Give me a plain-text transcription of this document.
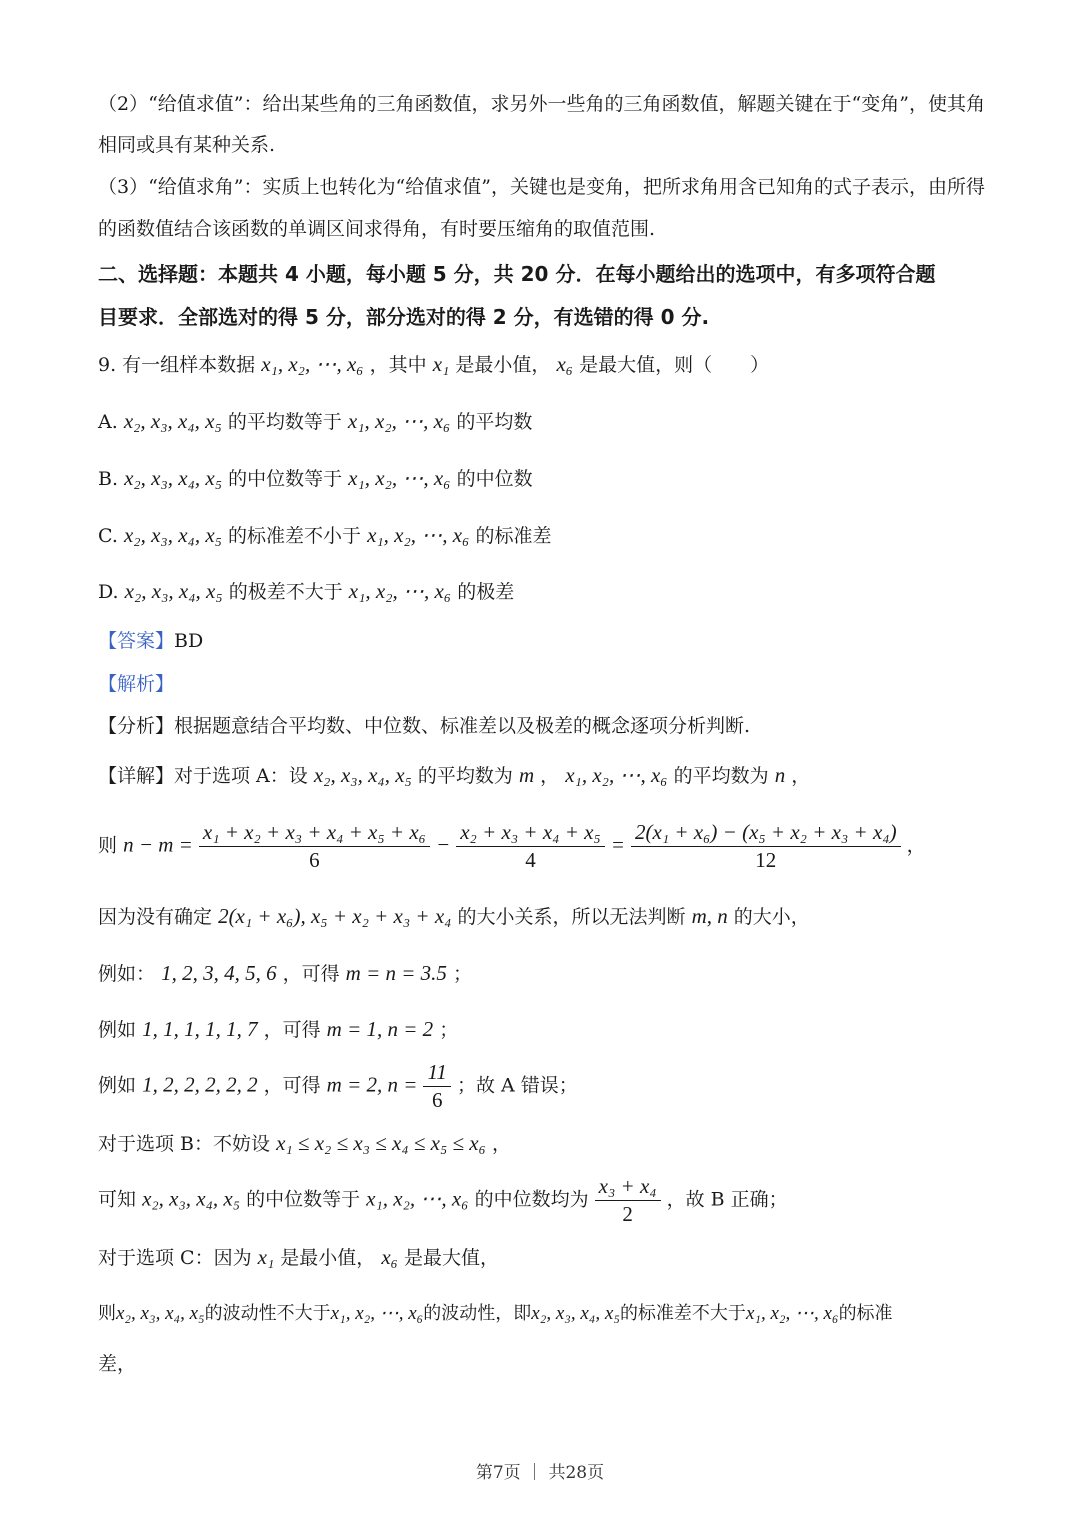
（2）“给值求值”：给出某些角的三角函数值，求另外一些角的三角函数值，解题关键在于“变角”，使其角
相同或具有某种关系.
（3）“给值求角”：实质上也转化为“给值求值”，关键也是变角，把所求角用含已知角的式子表示，由所得
的函数值结合该函数的单调区间求得角，有时要压缩角的取值范围.
二、选择题：本题共 4 小题，每小题 5 分，共 20 分．在每小题给出的选项中，有多项符合题
目要求．全部选对的得 5 分，部分选对的得 2 分，有选错的得 0 分.
9. 有一组样本数据 x₁, x₂, ⋯, x₆ ，其中 x₁ 是最小值， x₆ 是最大值，则（　　）
A. x₂, x₃, x₄, x₅ 的平均数等于 x₁, x₂, ⋯, x₆ 的平均数
B. x₂, x₃, x₄, x₅ 的中位数等于 x₁, x₂, ⋯, x₆ 的中位数
C. x₂, x₃, x₄, x₅ 的标准差不小于 x₁, x₂, ⋯, x₆ 的标准差
D. x₂, x₃, x₄, x₅ 的极差不大于 x₁, x₂, ⋯, x₆ 的极差
【答案】BD
【解析】
【分析】根据题意结合平均数、中位数、标准差以及极差的概念逐项分析判断.
【详解】对于选项 A：设 x₂, x₃, x₄, x₅ 的平均数为 m ， x₁, x₂, ⋯, x₆ 的平均数为 n ，
则 $n - m = \frac{\text{x₁ + x₂ + x₃ + x₄ + x₅ + x₆}}{6} - \frac{\text{x₂ + x₃ + x₄ + x₅}}{4} = \frac{\text{2(x₁ + x₆) − (x₅ + x₂ + x₃ + x₄)}}{12}$ ，
因为没有确定 2(x₁ + x₆), x₅ + x₂ + x₃ + x₄ 的大小关系，所以无法判断 m, n 的大小，
例如： 1, 2, 3, 4, 5, 6 ，可得 m = n = 3.5 ；
例如 1, 1, 1, 1, 1, 7 ，可得 m = 1, n = 2 ；
例如 1, 2, 2, 2, 2, 2 ，可得 m = 2, $n = \frac{11}{6}$ ；故 A 错误；
对于选项 B：不妨设 x₁ ≤ x₂ ≤ x₃ ≤ x₄ ≤ x₅ ≤ x₆ ，
可知 x₂, x₃, x₄, x₅ 的中位数等于 x₁, x₂, ⋯, x₆ 的中位数均为 $\frac{\text{x₃ + x₄}}{2}$ ，故 B 正确；
对于选项 C：因为 x₁ 是最小值， x₆ 是最大值，
则x₂, x₃, x₄, x₅的波动性不大于x₁, x₂, ⋯, x₆的波动性，即x₂, x₃, x₄, x₅的标准差不大于x₁, x₂, ⋯, x₆的标准
差，
第7页 ｜ 共28页
